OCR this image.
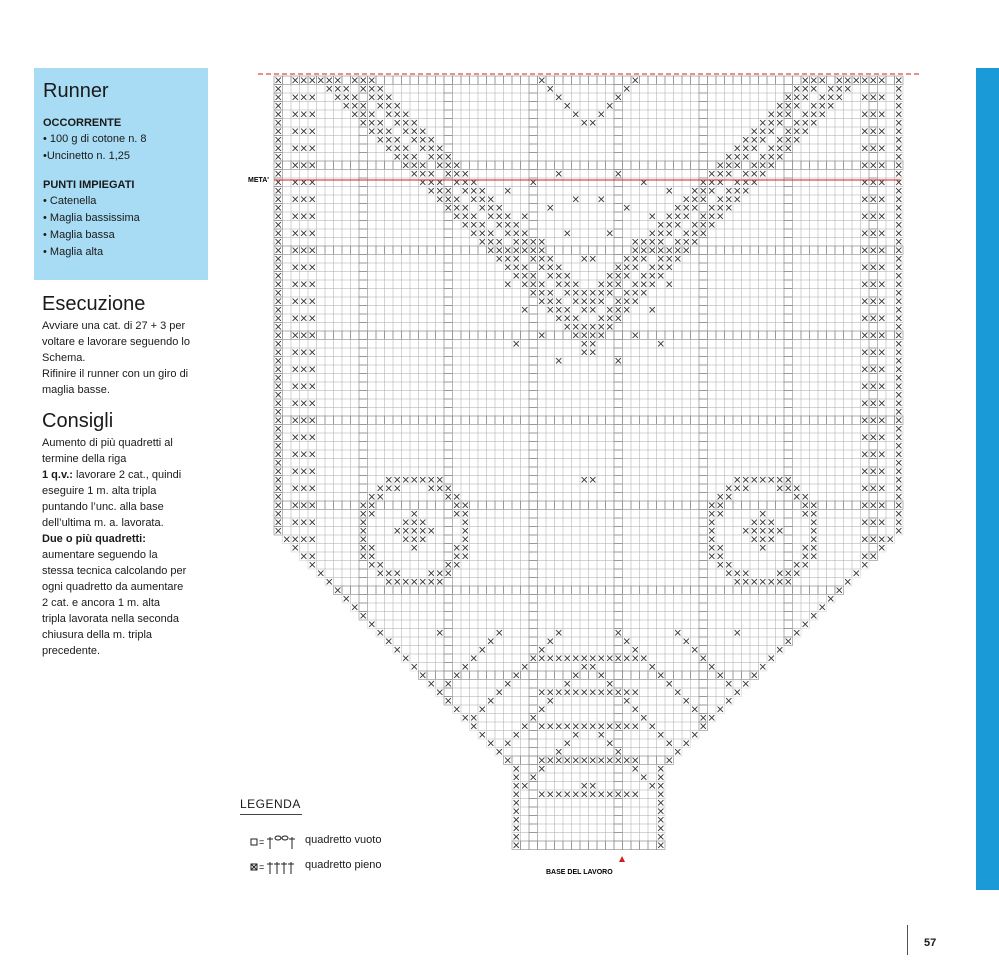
Runner
OCCORRENTE
• 100 g di cotone n. 8
•Uncinetto n. 1,25
PUNTI IMPIEGATI
• Catenella
• Maglia bassissima
• Maglia bassa
• Maglia alta
Esecuzione
Avviare una cat. di 27 + 3 per
voltare e lavorare seguendo lo
Schema.
Rifinire il runner con un giro di
maglia basse.
Consigli
Aumento di più quadretti al
termine della riga
1 q.v.: lavorare 2 cat., quindi
eseguire 1 m. alta tripla
puntando l’unc. alla base
dell’ultima m. a. lavorata.
Due o più quadretti:
aumentare seguendo la
stessa tecnica calcolando per
ogni quadretto da aumentare
2 cat. e ancora 1 m. alta
tripla lavorata nella seconda
chiusura della m. tripla
precedente.
META'
BASE DEL LAVORO
LEGENDA
=	quadretto vuoto
=	quadretto pieno
57
